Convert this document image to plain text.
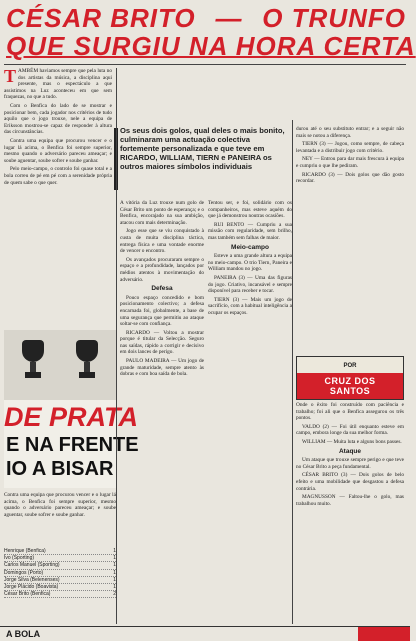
CÉSAR BRITO — O TRUNFO
QUE SURGIU NA HORA CERTA
T AMBÉM haviamos sempre que pela luta no dos artistas da música, a disciplina aqui presente, mas o espectáculo a que assistimos na Luz aconteceu em que sem fraquezas, no que a tudo.

Com o Benfica do lado de se mostrar e posicionar bem, cada jogador nos critérios de tudo aquilo que o jogo trouxe, nele a equipa de Eriksson mostrou-se capaz de responder à altura das circunstâncias.

Contra uma equipa que procurou vencer e o lugar lá acima, o Benfica foi sempre superior, mesmo quando o adversário pareceu ameaçar; e soube aguentar, soube sofrer e soube ganhar.

Pelo meio-campo, o controlo foi quase total e a bola correu de pé em pé com a serenidade própria de quem sabe o que quer.

Os seus dois golos, qual deles o mais bonito, culminaram uma actuação colectiva fortemente personalizada e que teve em RICARDO, WILLIAM, TIERN e PANEIRA os outros maiores símbolos individuais
DE PRATA
E NA FRENTE
IO A BISAR

Contra uma equipa que procurou vencer e o lugar lá acima, o Benfica foi sempre superior, mesmo quando o adversário pareceu ameaçar; e soube aguentar, soube sofrer e soube ganhar.

Henrique (Benfica)	1
Ivo (Sporting)	1
Carlos Manuel (Sporting)	1
Domingos (Porto)	1
Jorge Silva (Belenenses)	1
Jorge Plácido (Boavista)	1
César Brito (Benfica)	2

A vitória da Luz trouxe num golo de César Brito um ponto de esperança; e o Benfica, encorajado na sua ambição, atacou com mais determinação.

Jogo esse que se viu conquistado à custa de muita disciplina táctica, entrega física e uma vontade enorme de vencer o encontro.

Os avançados procuraram sempre o espaço e a profundidade, lançados por médios atentos à movimentação do adversário.

Defesa

Pouco espaço concedido e bom posicionamento colectivo; a defesa encarnada foi, globalmente, a base de uma segurança que permitiu ao ataque soltar-se com confiança.

RICARDO — Voltou a mostrar porque é titular da Selecção. Seguro nas saídas, rápido a corrigir e decisivo em dois lances de perigo.

PAULO MADEIRA — Um jogo de grande maturidade, sempre atento às dobras e com boa saída de bola.

Tentou ser, e foi, solidário com os companheiros, mas esteve aquém do que já demonstrou noutras ocasiões.

RUI BENTO — Cumpriu a sua missão com regularidade, sem brilho, mas também sem falhas de maior.

Meio-campo

Esteve a uma grande altura a equipa no meio-campo. O trio Tiern, Paneira e William mandou no jogo.

PANEIRA (3) — Uma das figuras do jogo. Criativo, incansável e sempre disponível para receber e tocar.

TIERN (3) — Mais um jogo de sacrifício, com a habitual inteligência a ocupar os espaços.

durou até o seu substituto entrar; e a seguir não mais se notou a diferença.

TIERN (3) — Jogou, como sempre, de cabeça levantada e a distribuir jogo com critério.

NEY — Entrou para dar mais frescura à equipa e cumpriu o que lhe pediram.

RICARDO (3) — Dois golos que dão gosto recordar.

POR
CRUZ DOS SANTOS

Onde o êxito foi construído com paciência e trabalho; foi ali que o Benfica assegurou os três pontos.

VALDO (2) — Foi útil enquanto esteve em campo, embora longe da sua melhor forma.

WILLIAM — Muita luta e alguns bons passes.

Ataque

Um ataque que trouxe sempre perigo e que teve no César Brito a peça fundamental.

CÉSAR BRITO (3) — Dois golos de belo efeito e uma mobilidade que desgastou a defesa contrária.

MAGNUSSON — Faltou-lhe o golo, mas trabalhou muito.

A BOLA
